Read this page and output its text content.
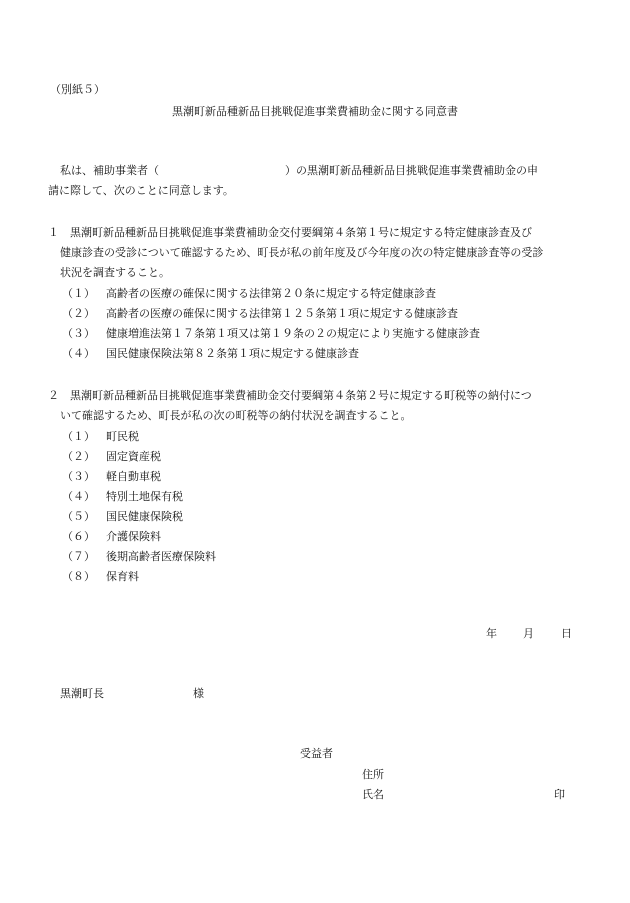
（別紙５）
黒潮町新品種新品目挑戦促進事業費補助金に関する同意書
私は、補助事業者（	）の黒潮町新品種新品目挑戦促進事業費補助金の申
請に際して、次のことに同意します。
１　黒潮町新品種新品目挑戦促進事業費補助金交付要綱第４条第１号に規定する特定健康診査及び
健康診査の受診について確認するため、町長が私の前年度及び今年度の次の特定健康診査等の受診
状況を調査すること。
（１） 高齢者の医療の確保に関する法律第２０条に規定する特定健康診査
（２） 高齢者の医療の確保に関する法律第１２５条第１項に規定する健康診査
（３） 健康増進法第１７条第１項又は第１９条の２の規定により実施する健康診査
（４） 国民健康保険法第８２条第１項に規定する健康診査
２　黒潮町新品種新品目挑戦促進事業費補助金交付要綱第４条第２号に規定する町税等の納付につ
いて確認するため、町長が私の次の町税等の納付状況を調査すること。
（１） 町民税
（２） 固定資産税
（３） 軽自動車税
（４） 特別土地保有税
（５） 国民健康保険税
（６） 介護保険料
（７） 後期高齢者医療保険料
（８） 保育料
年 月 日
黒潮町長	様
受益者
住所
氏名	印
